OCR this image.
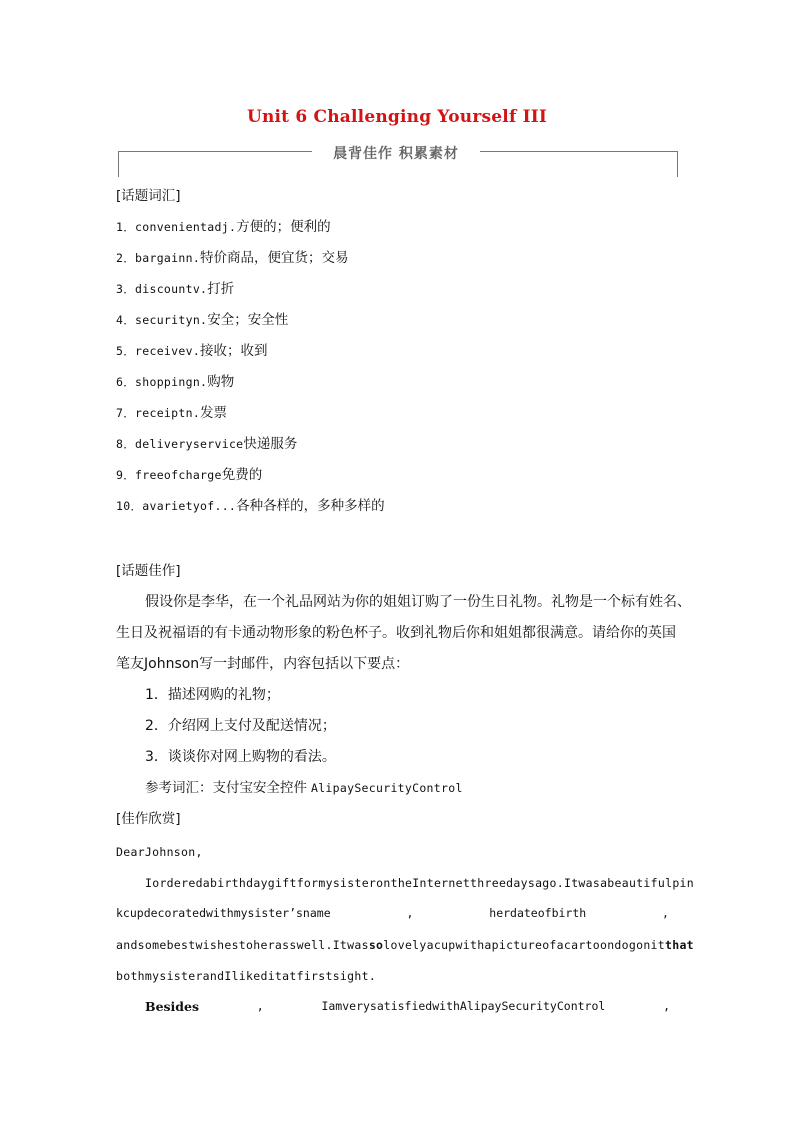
Unit 6 Challenging Yourself III
晨背佳作 积累素材
[话题词汇]
1．convenientadj.方便的；便利的
2．bargainn.特价商品，便宜货；交易
3．discountv.打折
4．securityn.安全；安全性
5．receivev.接收；收到
6．shoppingn.购物
7．receiptn.发票
8．deliveryservice快递服务
9．freeofcharge免费的
10．avarietyof...各种各样的，多种多样的
[话题佳作]
假设你是李华，在一个礼品网站为你的姐姐订购了一份生日礼物。礼物是一个标有姓名、
生日及祝福语的有卡通动物形象的粉色杯子。收到礼物后你和姐姐都很满意。请给你的英国
笔友Johnson写一封邮件，内容包括以下要点：
1．描述网购的礼物；
2．介绍网上支付及配送情况；
3．谈谈你对网上购物的看法。
参考词汇：支付宝安全控件 AlipaySecurityControl
[佳作欣赏]
DearJohnson,
IorderedabirthdaygiftformysisterontheInternetthreedaysago.Itwasabeautifulpin
kcupdecoratedwithmysister’sname	,	herdateofbirth	,
andsomebestwishestoherasswell.Itwassolovelyacupwithapictureofacartoondogonitthat
bothmysisterandIlikeditatfirstsight.
Besides	,	IamverysatisfiedwithAlipaySecurityControl	,
